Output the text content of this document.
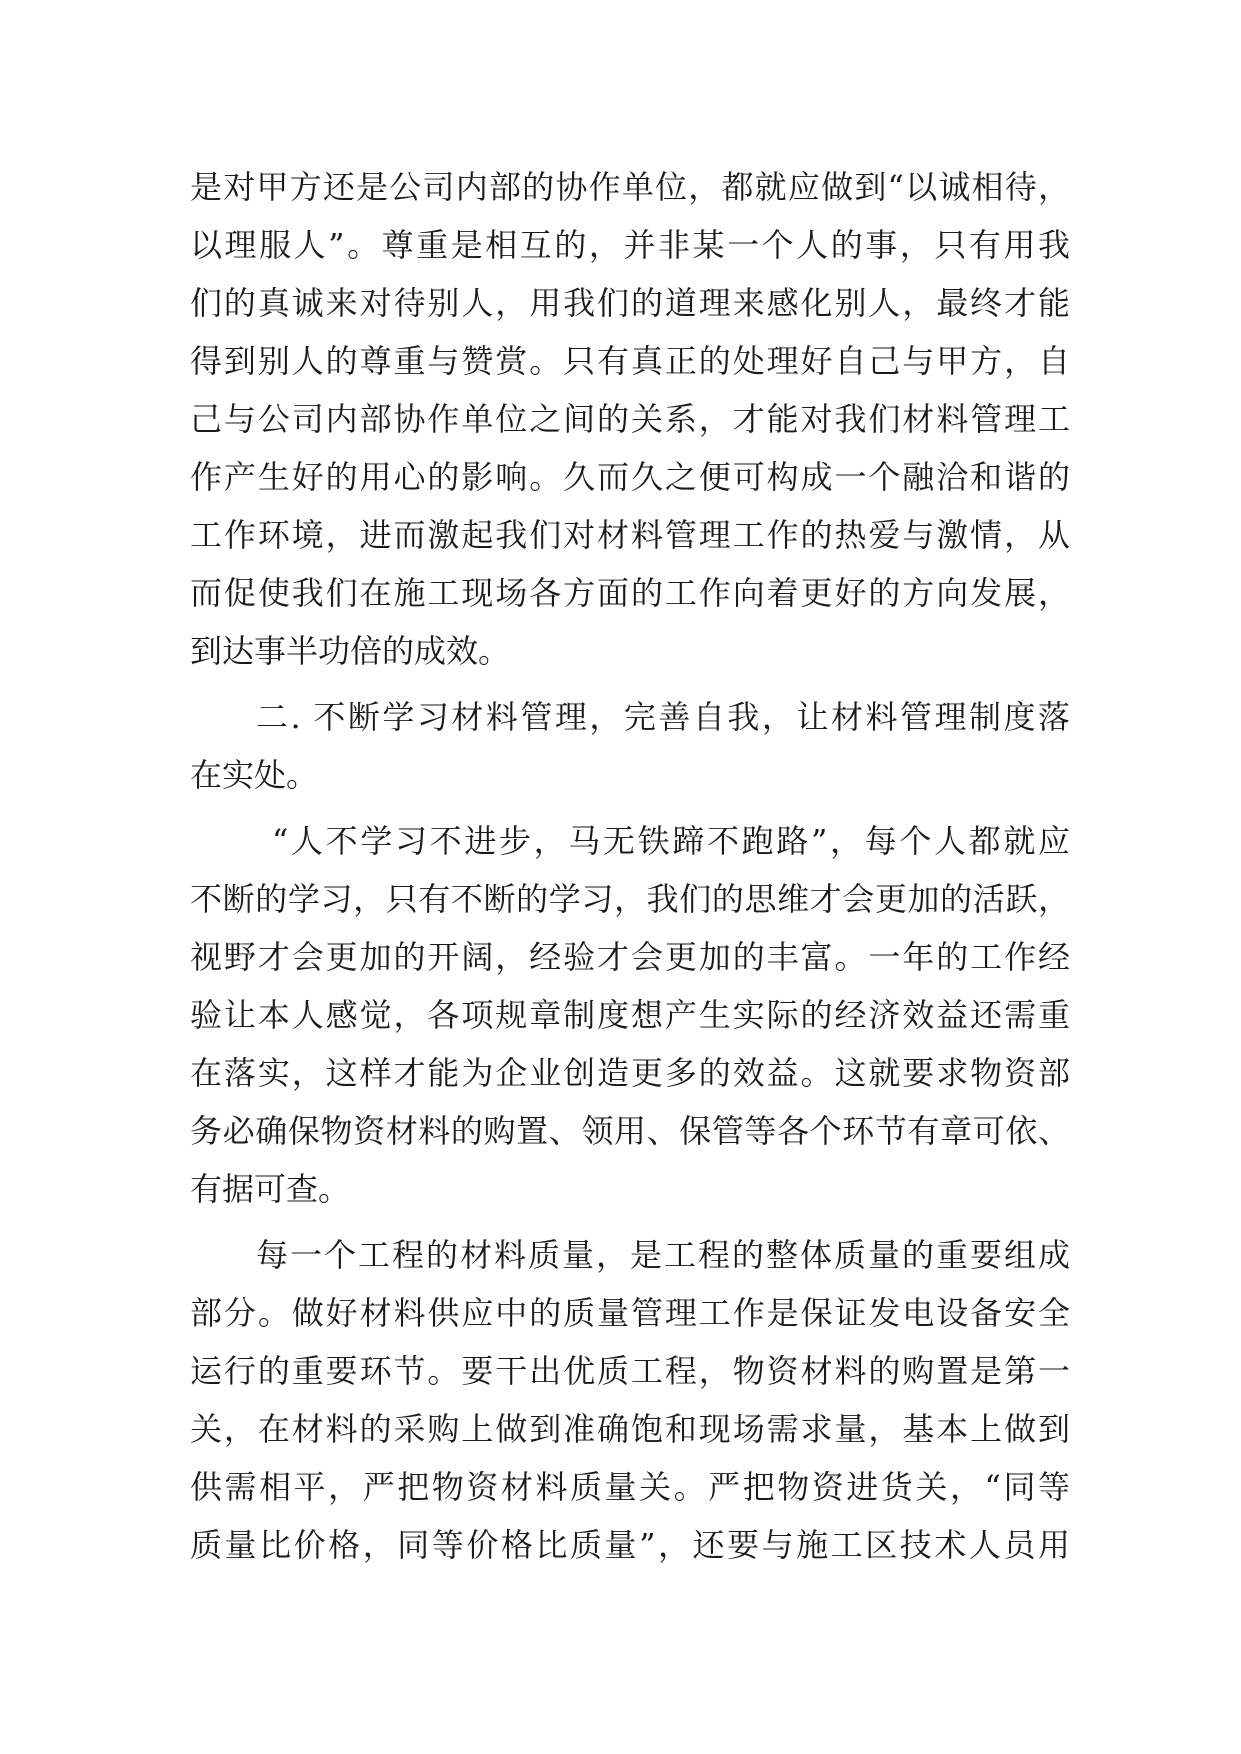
是对甲方还是公司内部的协作单位，都就应做到“以诚相待，
以理服人”。尊重是相互的，并非某一个人的事，只有用我
们的真诚来对待别人，用我们的道理来感化别人，最终才能
得到别人的尊重与赞赏。只有真正的处理好自己与甲方，自
己与公司内部协作单位之间的关系，才能对我们材料管理工
作产生好的用心的影响。久而久之便可构成一个融洽和谐的
工作环境，进而激起我们对材料管理工作的热爱与激情，从
而促使我们在施工现场各方面的工作向着更好的方向发展，
到达事半功倍的成效。
二. 不断学习材料管理，完善自我，让材料管理制度落
在实处。
“人不学习不进步，马无铁蹄不跑路”，每个人都就应
不断的学习，只有不断的学习，我们的思维才会更加的活跃，
视野才会更加的开阔，经验才会更加的丰富。一年的工作经
验让本人感觉，各项规章制度想产生实际的经济效益还需重
在落实，这样才能为企业创造更多的效益。这就要求物资部
务必确保物资材料的购置、领用、保管等各个环节有章可依、
有据可查。
每一个工程的材料质量，是工程的整体质量的重要组成
部分。做好材料供应中的质量管理工作是保证发电设备安全
运行的重要环节。要干出优质工程，物资材料的购置是第一
关，在材料的采购上做到准确饱和现场需求量，基本上做到
供需相平，严把物资材料质量关。严把物资进货关，“同等
质量比价格，同等价格比质量”，还要与施工区技术人员用
